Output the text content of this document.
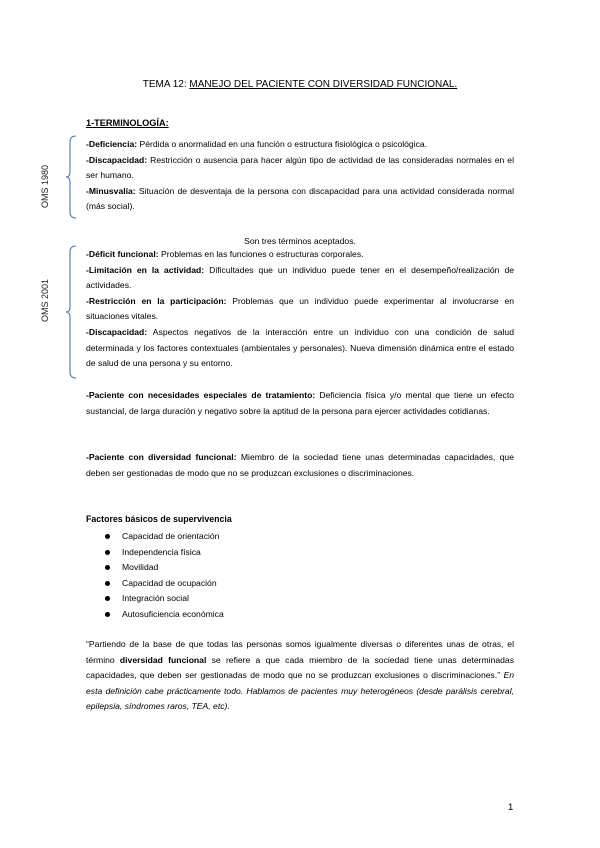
TEMA 12: MANEJO DEL PACIENTE CON DIVERSIDAD FUNCIONAL.
1-TERMINOLOGÍA:
OMS 1980

-Deficiencia: Pérdida o anormalidad en una función o estructura fisiológica o psicológica.

-Discapacidad: Restricción o ausencia para hacer algún tipo de actividad de las consideradas normales en el ser humano.

-Minusvalía: Situación de desventaja de la persona con discapacidad para una actividad considerada normal (más social).

Son tres términos aceptados.
OMS 2001

-Déficit funcional: Problemas en las funciones o estructuras corporales.

-Limitación en la actividad: Dificultades que un individuo puede tener en el desempeño/realización de actividades.

-Restricción en la participación: Problemas que un individuo puede experimentar al involucrarse en situaciones vitales.

-Discapacidad: Aspectos negativos de la interacción entre un individuo con una condición de salud determinada y los factores contextuales (ambientales y personales). Nueva dimensión dinámica entre el estado de salud de una persona y su entorno.

-Paciente con necesidades especiales de tratamiento: Deficiencia física y/o mental que tiene un efecto sustancial, de larga duración y negativo sobre la aptitud de la persona para ejercer actividades cotidianas.

-Paciente con diversidad funcional: Miembro de la sociedad tiene unas determinadas capacidades, que deben ser gestionadas de modo que no se produzcan exclusiones o discriminaciones.

Factores básicos de supervivencia
Capacidad de orientación
Independencia física
Movilidad
Capacidad de ocupación
Integración social
Autosuficiencia económica

“Partiendo de la base de que todas las personas somos igualmente diversas o diferentes unas de otras, el término diversidad funcional se refiere a que cada miembro de la sociedad tiene unas determinadas capacidades, que deben ser gestionadas de modo que no se produzcan exclusiones o discriminaciones.” En esta definición cabe prácticamente todo. Hablamos de pacientes muy heterogéneos (desde parálisis cerebral, epilepsia, síndromes raros, TEA, etc).

1
